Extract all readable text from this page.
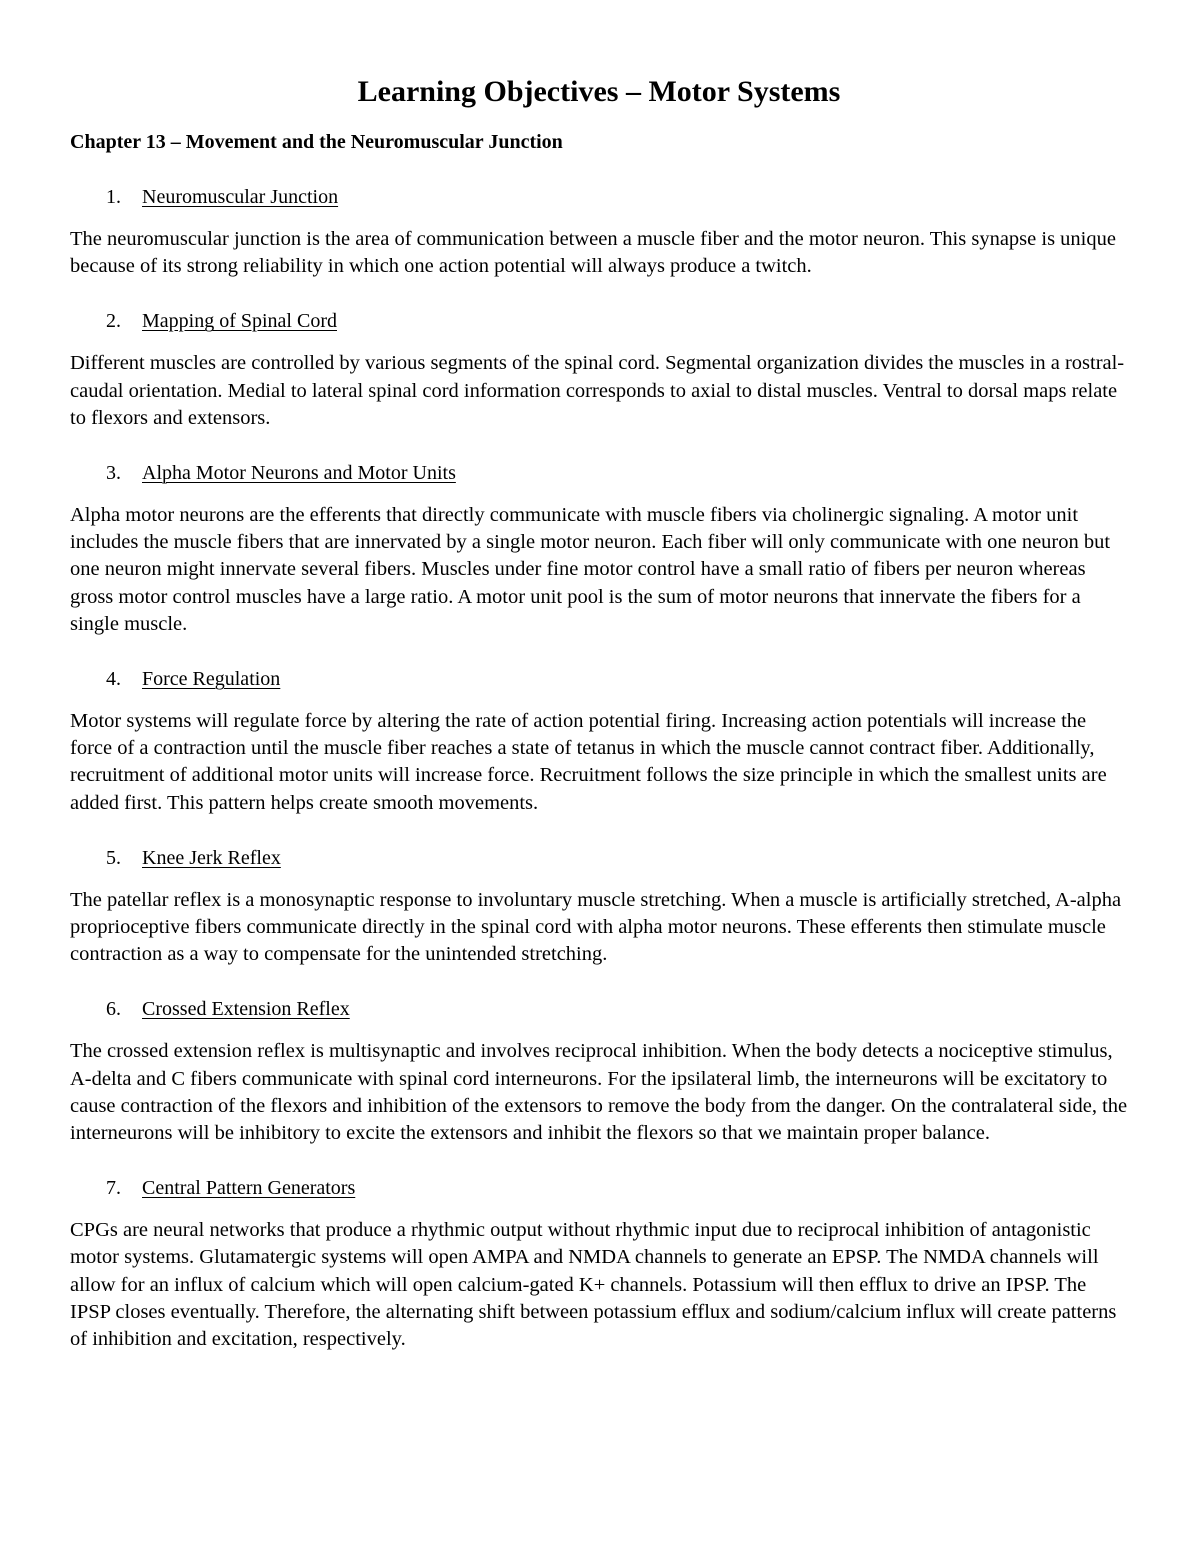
Learning Objectives – Motor Systems
Chapter 13 – Movement and the Neuromuscular Junction
1.	Neuromuscular Junction

The neuromuscular junction is the area of communication between a muscle fiber and the motor neuron. This synapse is unique because of its strong reliability in which one action potential will always produce a twitch.

2.	Mapping of Spinal Cord

Different muscles are controlled by various segments of the spinal cord. Segmental organization divides the muscles in a rostral-caudal orientation. Medial to lateral spinal cord information corresponds to axial to distal muscles. Ventral to dorsal maps relate to flexors and extensors.

3.	Alpha Motor Neurons and Motor Units

Alpha motor neurons are the efferents that directly communicate with muscle fibers via cholinergic signaling. A motor unit includes the muscle fibers that are innervated by a single motor neuron. Each fiber will only communicate with one neuron but one neuron might innervate several fibers. Muscles under fine motor control have a small ratio of fibers per neuron whereas gross motor control muscles have a large ratio. A motor unit pool is the sum of motor neurons that innervate the fibers for a single muscle.

4.	Force Regulation

Motor systems will regulate force by altering the rate of action potential firing. Increasing action potentials will increase the force of a contraction until the muscle fiber reaches a state of tetanus in which the muscle cannot contract fiber. Additionally, recruitment of additional motor units will increase force. Recruitment follows the size principle in which the smallest units are added first. This pattern helps create smooth movements.

5.	Knee Jerk Reflex

The patellar reflex is a monosynaptic response to involuntary muscle stretching. When a muscle is artificially stretched, A-alpha proprioceptive fibers communicate directly in the spinal cord with alpha motor neurons. These efferents then stimulate muscle contraction as a way to compensate for the unintended stretching.

6.	Crossed Extension Reflex

The crossed extension reflex is multisynaptic and involves reciprocal inhibition. When the body detects a nociceptive stimulus, A-delta and C fibers communicate with spinal cord interneurons. For the ipsilateral limb, the interneurons will be excitatory to cause contraction of the flexors and inhibition of the extensors to remove the body from the danger. On the contralateral side, the interneurons will be inhibitory to excite the extensors and inhibit the flexors so that we maintain proper balance.

7.	Central Pattern Generators

CPGs are neural networks that produce a rhythmic output without rhythmic input due to reciprocal inhibition of antagonistic motor systems. Glutamatergic systems will open AMPA and NMDA channels to generate an EPSP. The NMDA channels will allow for an influx of calcium which will open calcium-gated K+ channels. Potassium will then efflux to drive an IPSP. The IPSP closes eventually. Therefore, the alternating shift between potassium efflux and sodium/calcium influx will create patterns of inhibition and excitation, respectively.
